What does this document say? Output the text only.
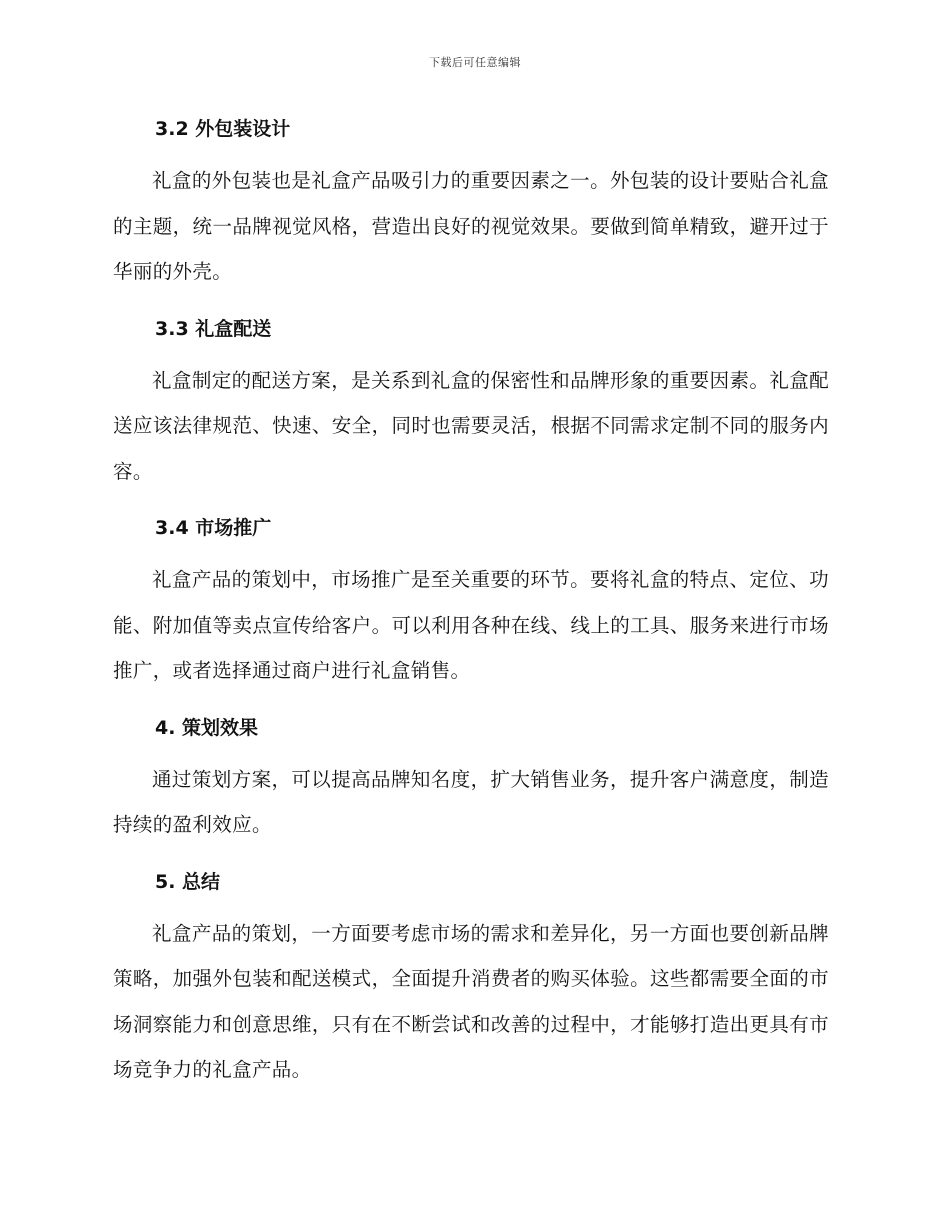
下载后可任意编辑
3.2 外包装设计

礼盒的外包装也是礼盒产品吸引力的重要因素之一。外包装的设计要贴合礼盒的主题，统一品牌视觉风格，营造出良好的视觉效果。要做到简单精致，避开过于华丽的外壳。

3.3 礼盒配送

礼盒制定的配送方案，是关系到礼盒的保密性和品牌形象的重要因素。礼盒配送应该法律规范、快速、安全，同时也需要灵活，根据不同需求定制不同的服务内容。

3.4 市场推广

礼盒产品的策划中，市场推广是至关重要的环节。要将礼盒的特点、定位、功能、附加值等卖点宣传给客户。可以利用各种在线、线上的工具、服务来进行市场推广，或者选择通过商户进行礼盒销售。

4. 策划效果

通过策划方案，可以提高品牌知名度，扩大销售业务，提升客户满意度，制造持续的盈利效应。

5. 总结

礼盒产品的策划，一方面要考虑市场的需求和差异化，另一方面也要创新品牌策略，加强外包装和配送模式，全面提升消费者的购买体验。这些都需要全面的市场洞察能力和创意思维，只有在不断尝试和改善的过程中，才能够打造出更具有市场竞争力的礼盒产品。
